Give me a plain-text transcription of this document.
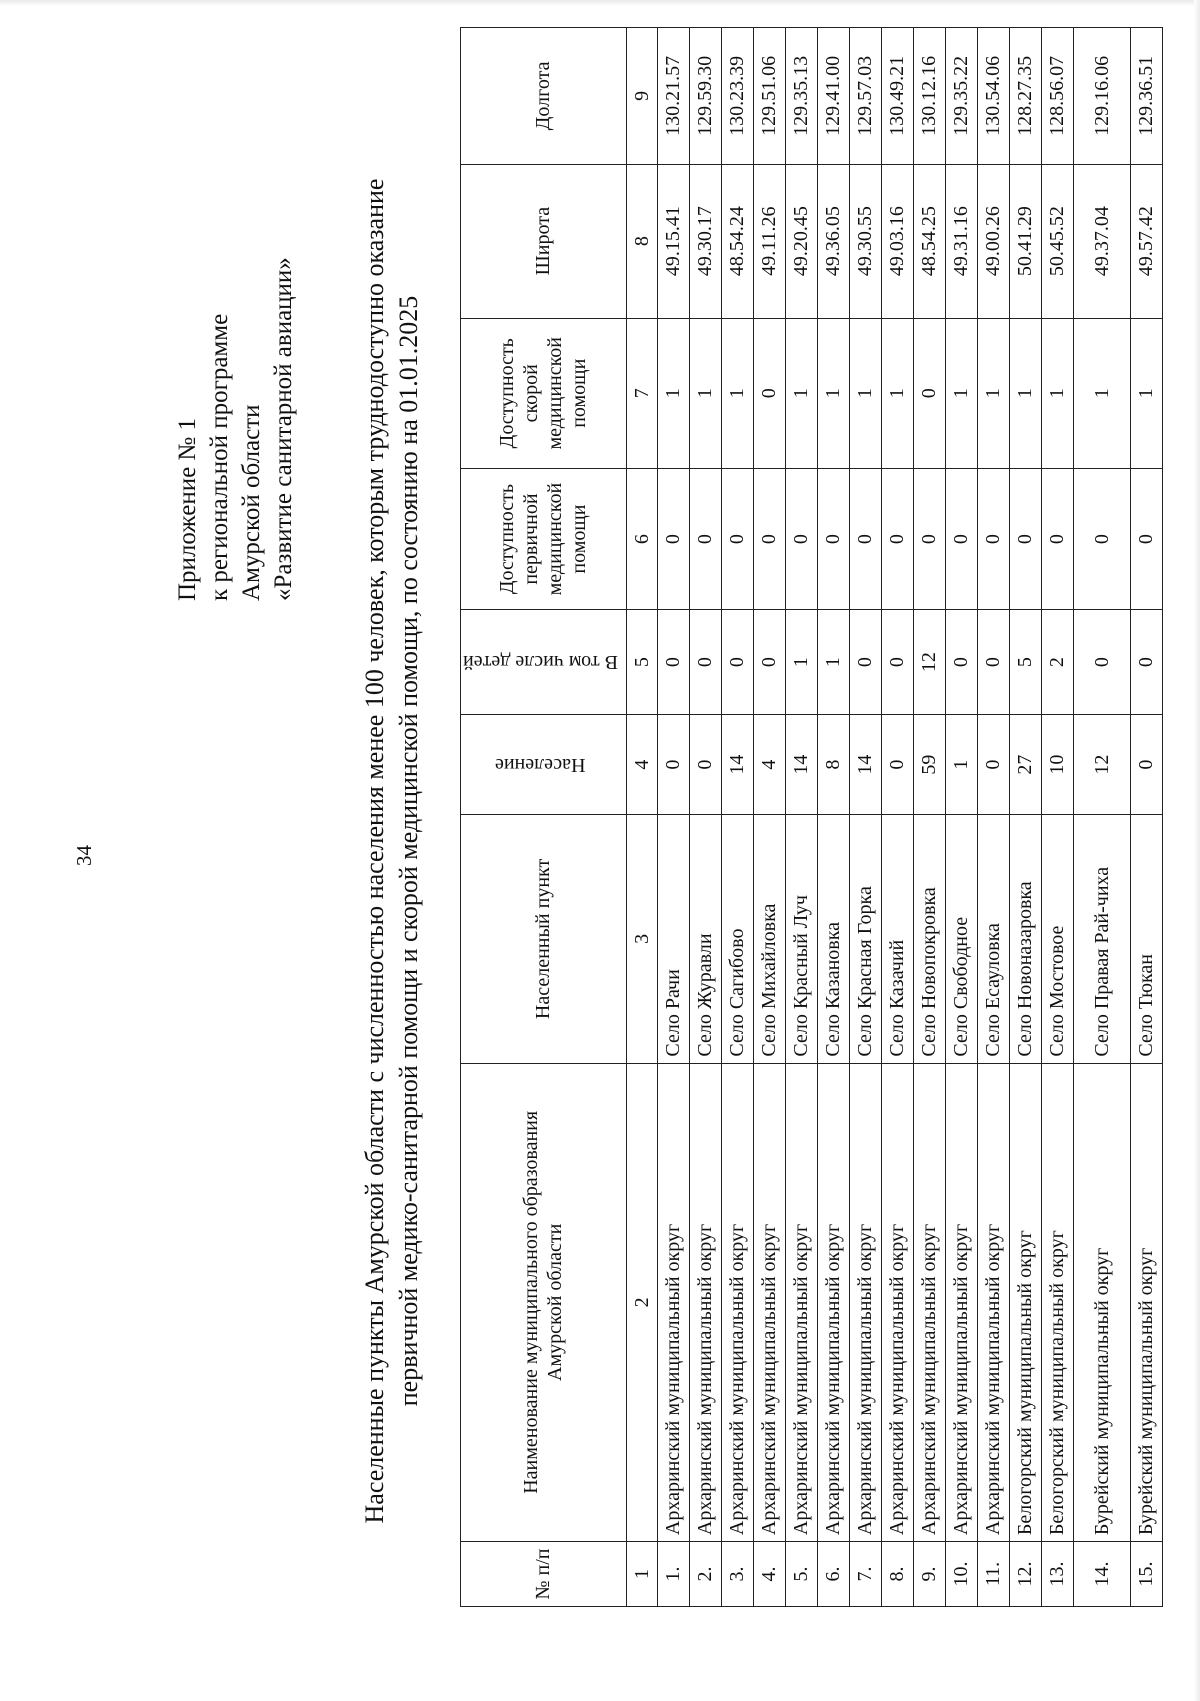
34
Приложение № 1 к региональной программе Амурской области «Развитие санитарной авиации» Населенные пункты Амурской области с численностью населения менее 100 человек, которым труднодоступно оказание первичной медико-санитарной помощи и скорой медицинской помощи, по состоянию на 01.01.2025
№ п/п	Наименование муниципального образования Амурской области	Населенный пункт	Население	В том числе детей	Доступность первичной медицинской помощи	Доступность скорой медицинской помощи	Широта	Долгота
1	2	3	4	5	6	7	8	9
1.	Архаринский муниципальный округ	Село Рачи	0	0	0	1	49.15.41	130.21.57
2.	Архаринский муниципальный округ	Село Журавли	0	0	0	1	49.30.17	129.59.30
3.	Архаринский муниципальный округ	Село Сагибово	14	0	0	1	48.54.24	130.23.39
4.	Архаринский муниципальный округ	Село Михайловка	4	0	0	0	49.11.26	129.51.06
5.	Архаринский муниципальный округ	Село Красный Луч	14	1	0	1	49.20.45	129.35.13
6.	Архаринский муниципальный округ	Село Казановка	8	1	0	1	49.36.05	129.41.00
7.	Архаринский муниципальный округ	Село Красная Горка	14	0	0	1	49.30.55	129.57.03
8.	Архаринский муниципальный округ	Село Казачий	0	0	0	1	49.03.16	130.49.21
9.	Архаринский муниципальный округ	Село Новопокровка	59	12	0	0	48.54.25	130.12.16
10.	Архаринский муниципальный округ	Село Свободное	1	0	0	1	49.31.16	129.35.22
11.	Архаринский муниципальный округ	Село Есауловка	0	0	0	1	49.00.26	130.54.06
12.	Белогорский муниципальный округ	Село Новоназаровка	27	5	0	1	50.41.29	128.27.35
13.	Белогорский муниципальный округ	Село Мостовое	10	2	0	1	50.45.52	128.56.07
14.	Бурейский муниципальный округ	Село Правая Рай-чиха	12	0	0	1	49.37.04	129.16.06
15.	Бурейский муниципальный округ	Село Тюкан	0	0	0	1	49.57.42	129.36.51
